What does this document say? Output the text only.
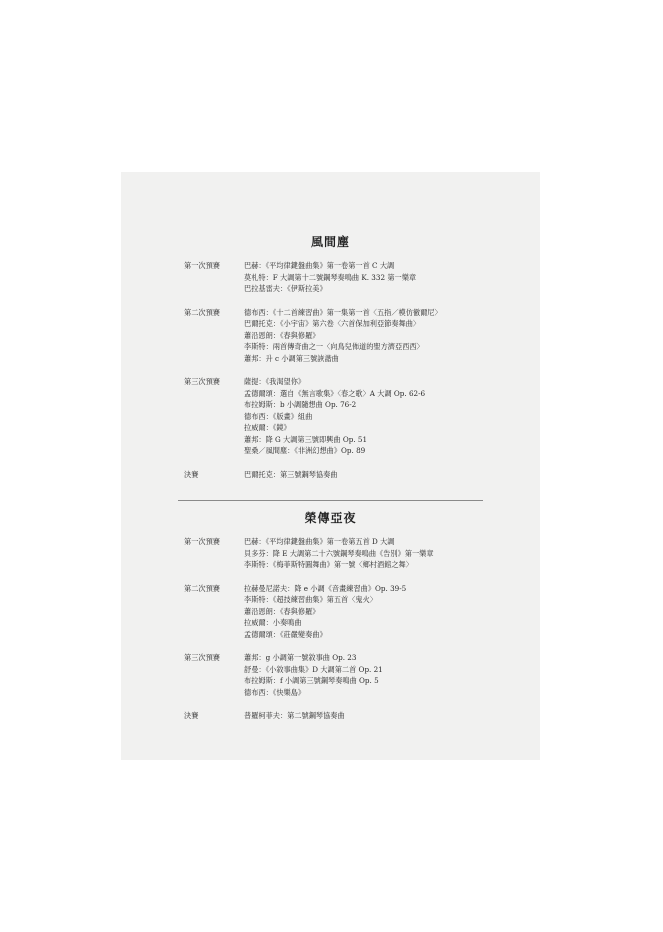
風間塵
第一次預賽	巴赫：《平均律鍵盤曲集》第一卷第一首 C 大調
莫札特：F 大調第十二號鋼琴奏鳴曲 K. 332 第一樂章
巴拉基雷夫：《伊斯拉美》
第二次預賽	德布西：《十二首練習曲》第一集第一首〈五指／模仿徹爾尼〉
巴爾托克：《小宇宙》第六卷〈六首保加利亞節奏舞曲〉
蕭沿恩朗：《春與修羅》
李斯特：兩首傳奇曲之一〈向鳥兒佈道的聖方濟亞西西〉
蕭邦：升 c 小調第三號詼諧曲
第三次預賽	薩提：《我渴望你》
孟德爾頌：選自《無言歌集》〈春之歌〉A 大調 Op. 62-6
布拉姆斯：b 小調隨想曲 Op. 76-2
德布西：《版畫》組曲
拉威爾：《鏡》
蕭邦：降 G 大調第三號即興曲 Op. 51
聖桑／風間塵：《非洲幻想曲》Op. 89
決賽	巴爾托克：第三號鋼琴協奏曲
榮傳亞夜
第一次預賽	巴赫：《平均律鍵盤曲集》第一卷第五首 D 大調
貝多芬：降 E 大調第二十六號鋼琴奏鳴曲《告別》第一樂章
李斯特：《梅菲斯特圓舞曲》第一號〈鄉村酒館之舞〉
第二次預賽	拉赫曼尼諾夫：降 e 小調《音畫練習曲》Op. 39-5
李斯特：《超技練習曲集》第五首〈鬼火〉
蕭沿恩朗：《春與修羅》
拉威爾：小奏鳴曲
孟德爾頌：《莊嚴變奏曲》
第三次預賽	蕭邦：g 小調第一號敘事曲 Op. 23
舒曼：《小敘事曲集》D 大調第二首 Op. 21
布拉姆斯：f 小調第三號鋼琴奏鳴曲 Op. 5
德布西：《快樂島》
決賽	普羅柯菲夫：第二號鋼琴協奏曲
